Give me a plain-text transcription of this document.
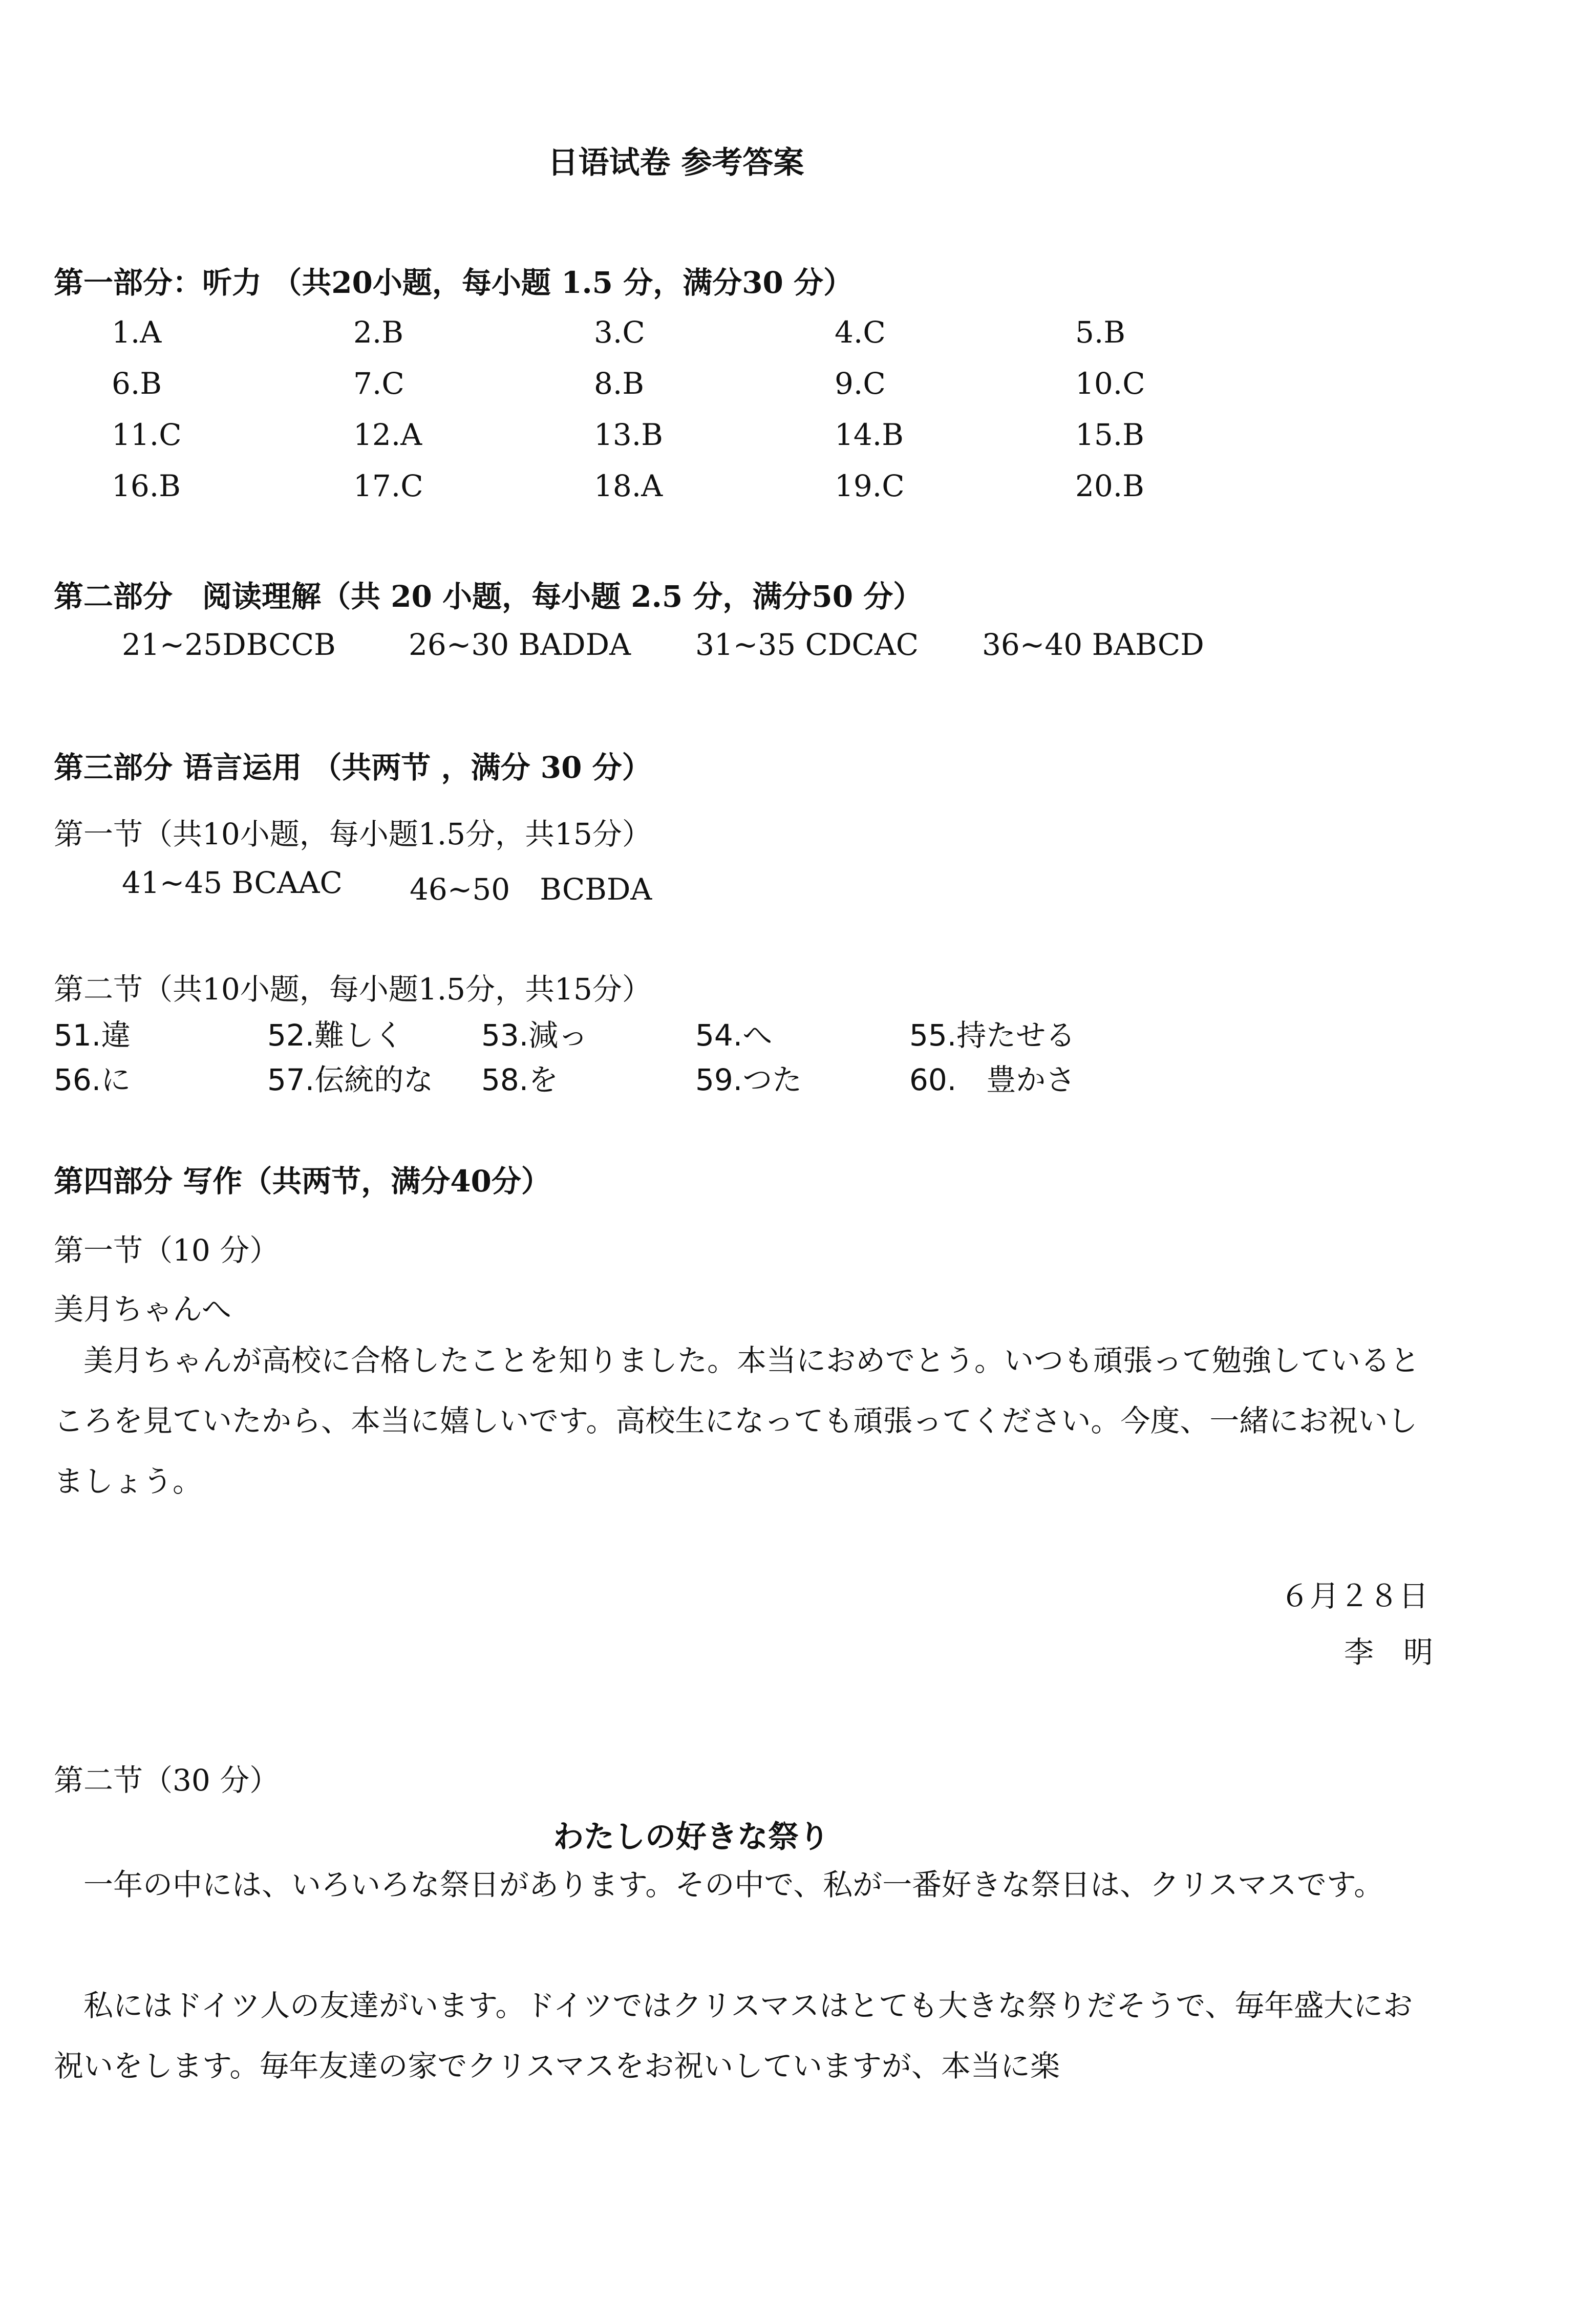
日语试卷 参考答案
第一部分：听力 （共20小题，每小题 1.5 分，满分30 分）
1.A	2.B	3.C	4.C	5.B
6.B	7.C	8.B	9.C	10.C
11.C	12.A	13.B	14.B	15.B
16.B	17.C	18.A	19.C	20.B
第二部分　阅读理解（共 20 小题，每小题 2.5 分，满分50 分）
21~25DBCCB 26~30 BADDA 31~35 CDCAC 36~40 BABCD
第三部分 语言运用 （共两节 ，满分 30 分）
第一节（共10小题，每小题1.5分，共15分）
41~45 BCAAC 46~50　BCBDA
第二节（共10小题，每小题1.5分，共15分）
51.違	52.難しく	53.減っ	54.へ	55.持たせる
56.に	57.伝統的な 58.を	59.つた	60.　豊かさ
第四部分 写作（共两节，满分40分）
第一节（10 分）
美月ちゃんへ
美月ちゃんが高校に合格したことを知りました。本当におめでとう。いつも頑張って勉強しているところを見ていたから、本当に嬉しいです。高校生になっても頑張ってください。今度、一緒にお祝いしましょう。
６月２８日
李　明
第二节（30 分）
わたしの好きな祭り
一年の中には、いろいろな祭日があります。その中で、私が一番好きな祭日は、クリスマスです。
私にはドイツ人の友達がいます。ドイツではクリスマスはとても大きな祭りだそうで、毎年盛大にお祝いをします。毎年友達の家でクリスマスをお祝いしていますが、本当に楽
